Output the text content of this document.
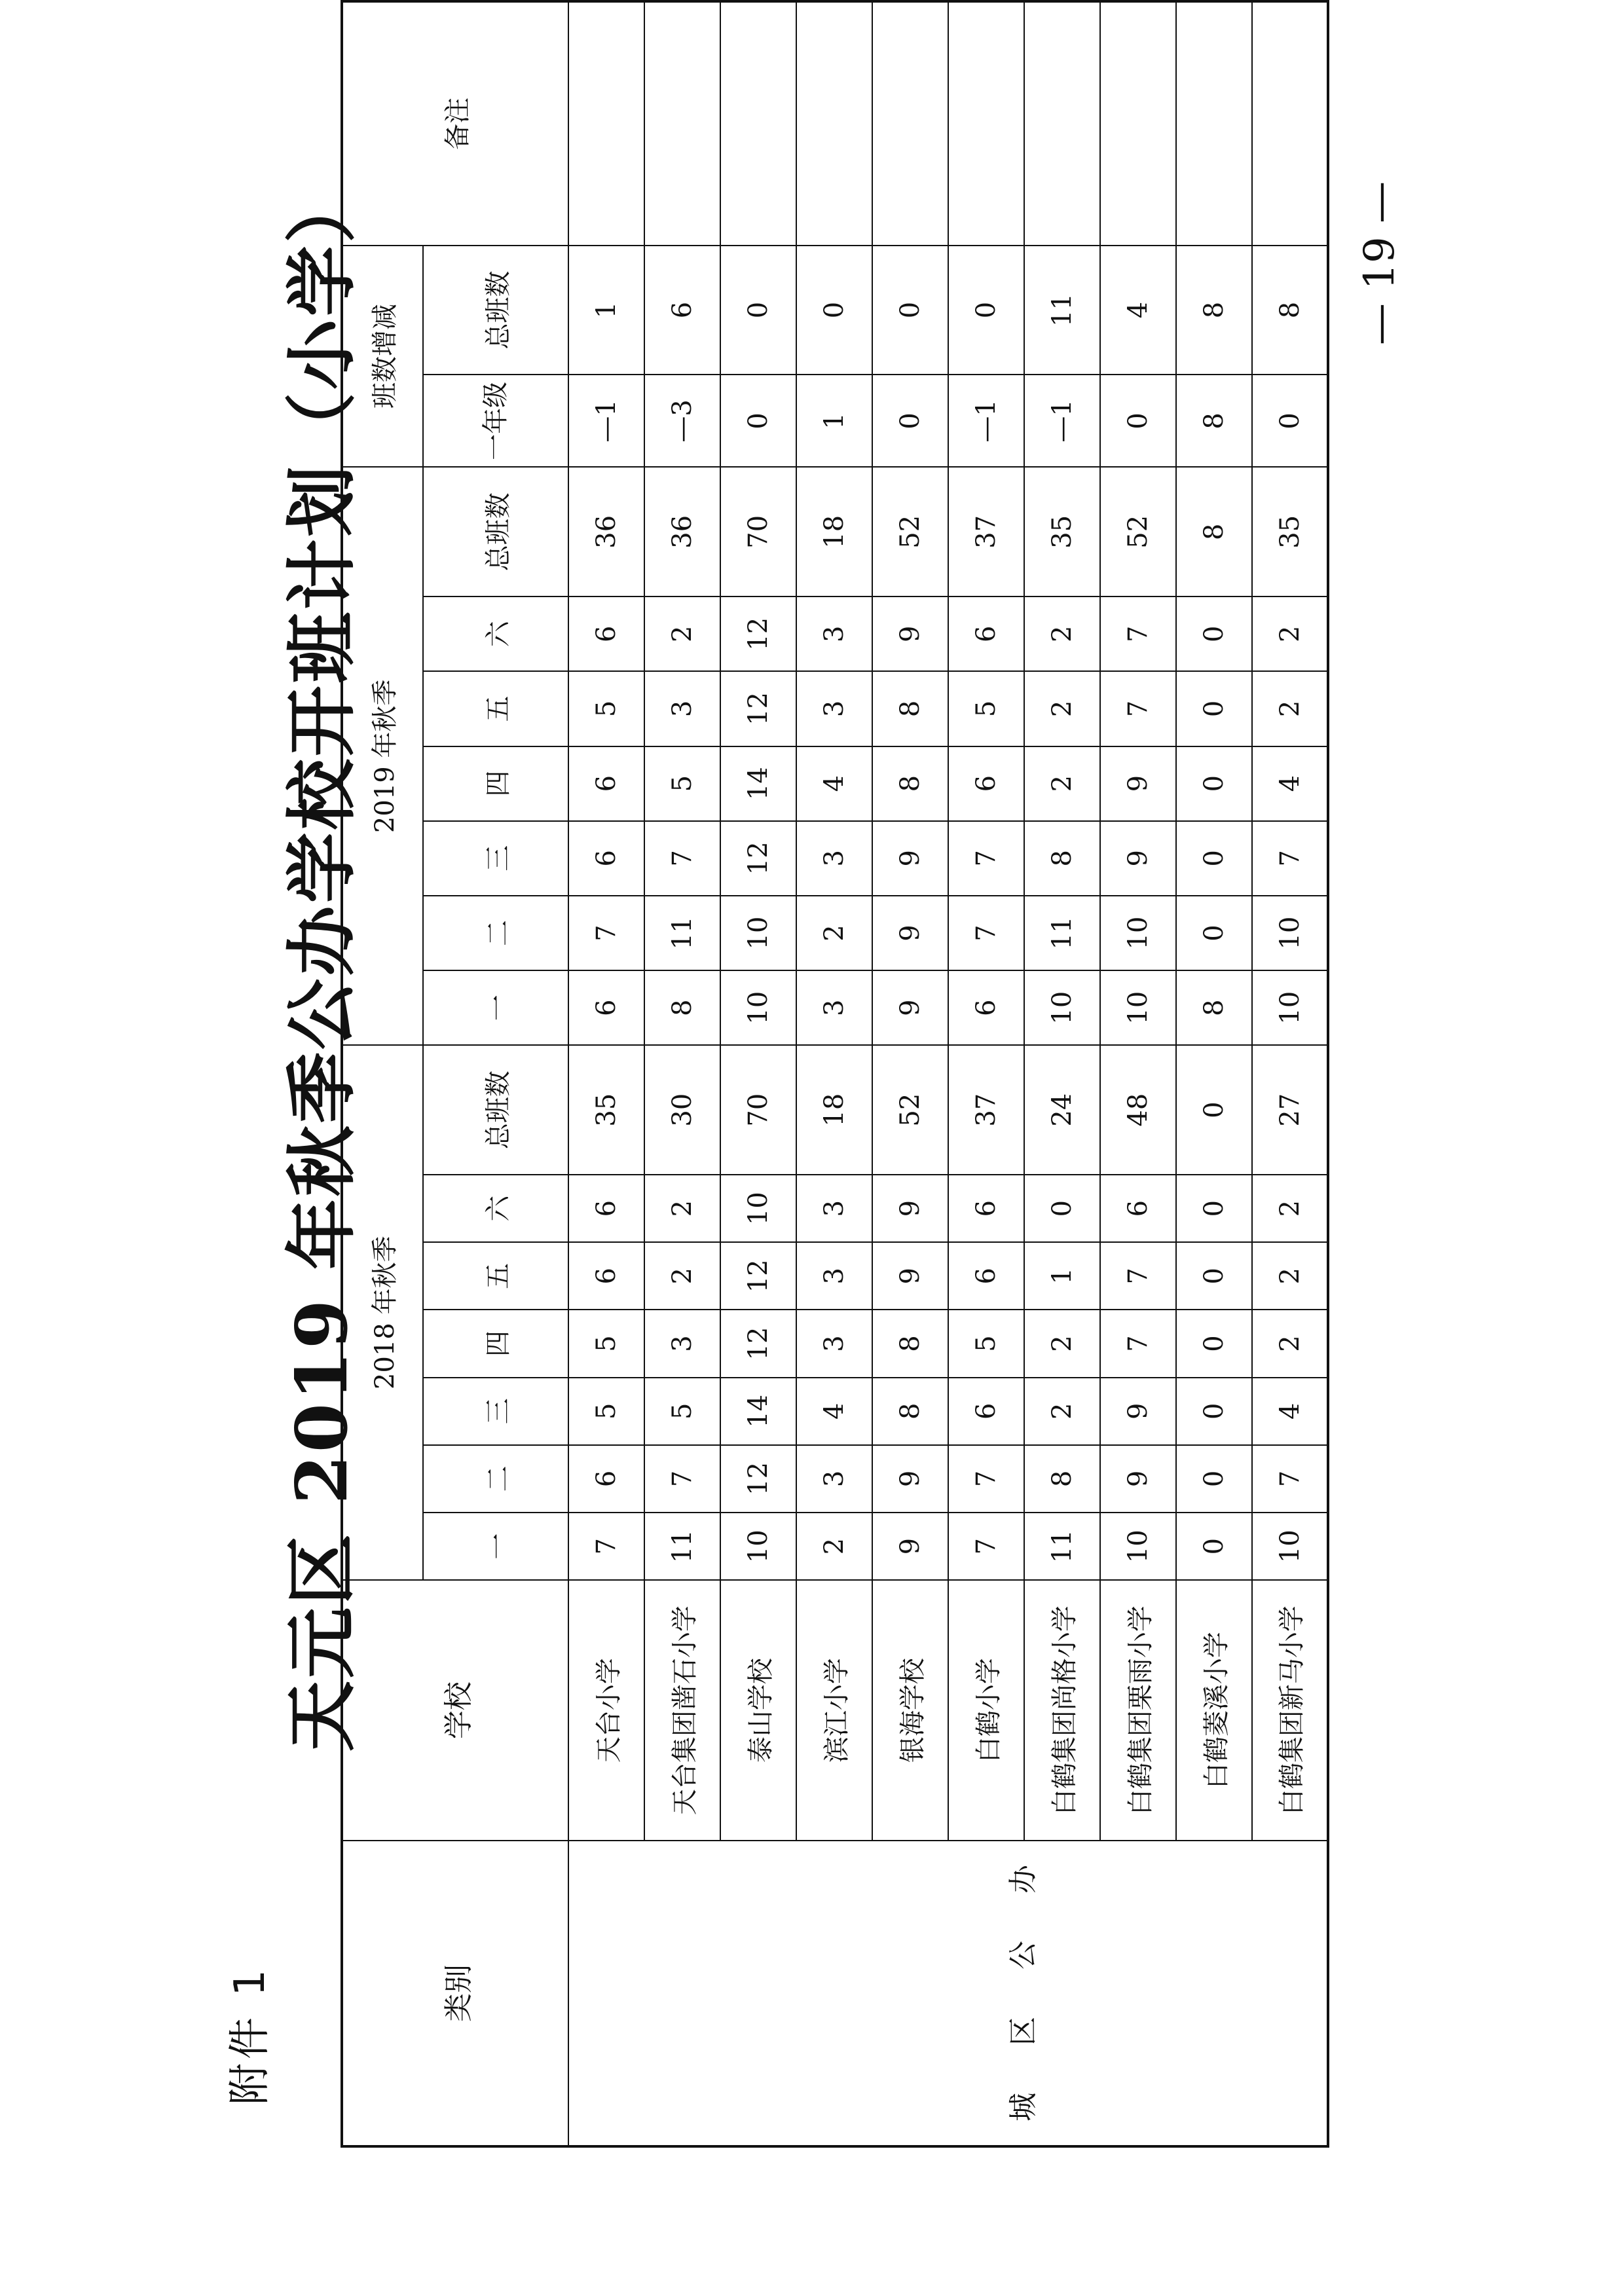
附件 1
天元区 2019 年秋季公办学校开班计划（小学）
类别	学校	2018 年秋季							2019 年秋季							班数增减		备注
		一	二	三	四	五	六	总班数	一	二	三	四	五	六	总班数	一年级	总班数	

城
区
公
办	天台小学	7	6	5	5	6	6	35	6	7	6	6	5	6	36	—1	1	
	天台集团凿石小学	11	7	5	3	2	2	30	8	11	7	5	3	2	36	—3	6	
	泰山学校	10	12	14	12	12	10	70	10	10	12	14	12	12	70	0	0	
	滨江小学	2	3	4	3	3	3	18	3	2	3	4	3	3	18	1	0	
	银海学校	9	9	8	8	9	9	52	9	9	9	8	8	9	52	0	0	
	白鹤小学	7	7	6	5	6	6	37	6	7	7	6	5	6	37	—1	0	
	白鹤集团尚格小学	11	8	2	2	1	0	24	10	11	8	2	2	2	35	—1	11	
	白鹤集团栗雨小学	10	9	9	7	7	6	48	10	10	9	9	7	7	52	0	4	
	白鹤菱溪小学	0	0	0	0	0	0	0	8	0	0	0	0	0	8	8	8	
	白鹤集团新马小学	10	7	4	2	2	2	27	10	10	7	4	2	2	35	0	8	— 19 —
